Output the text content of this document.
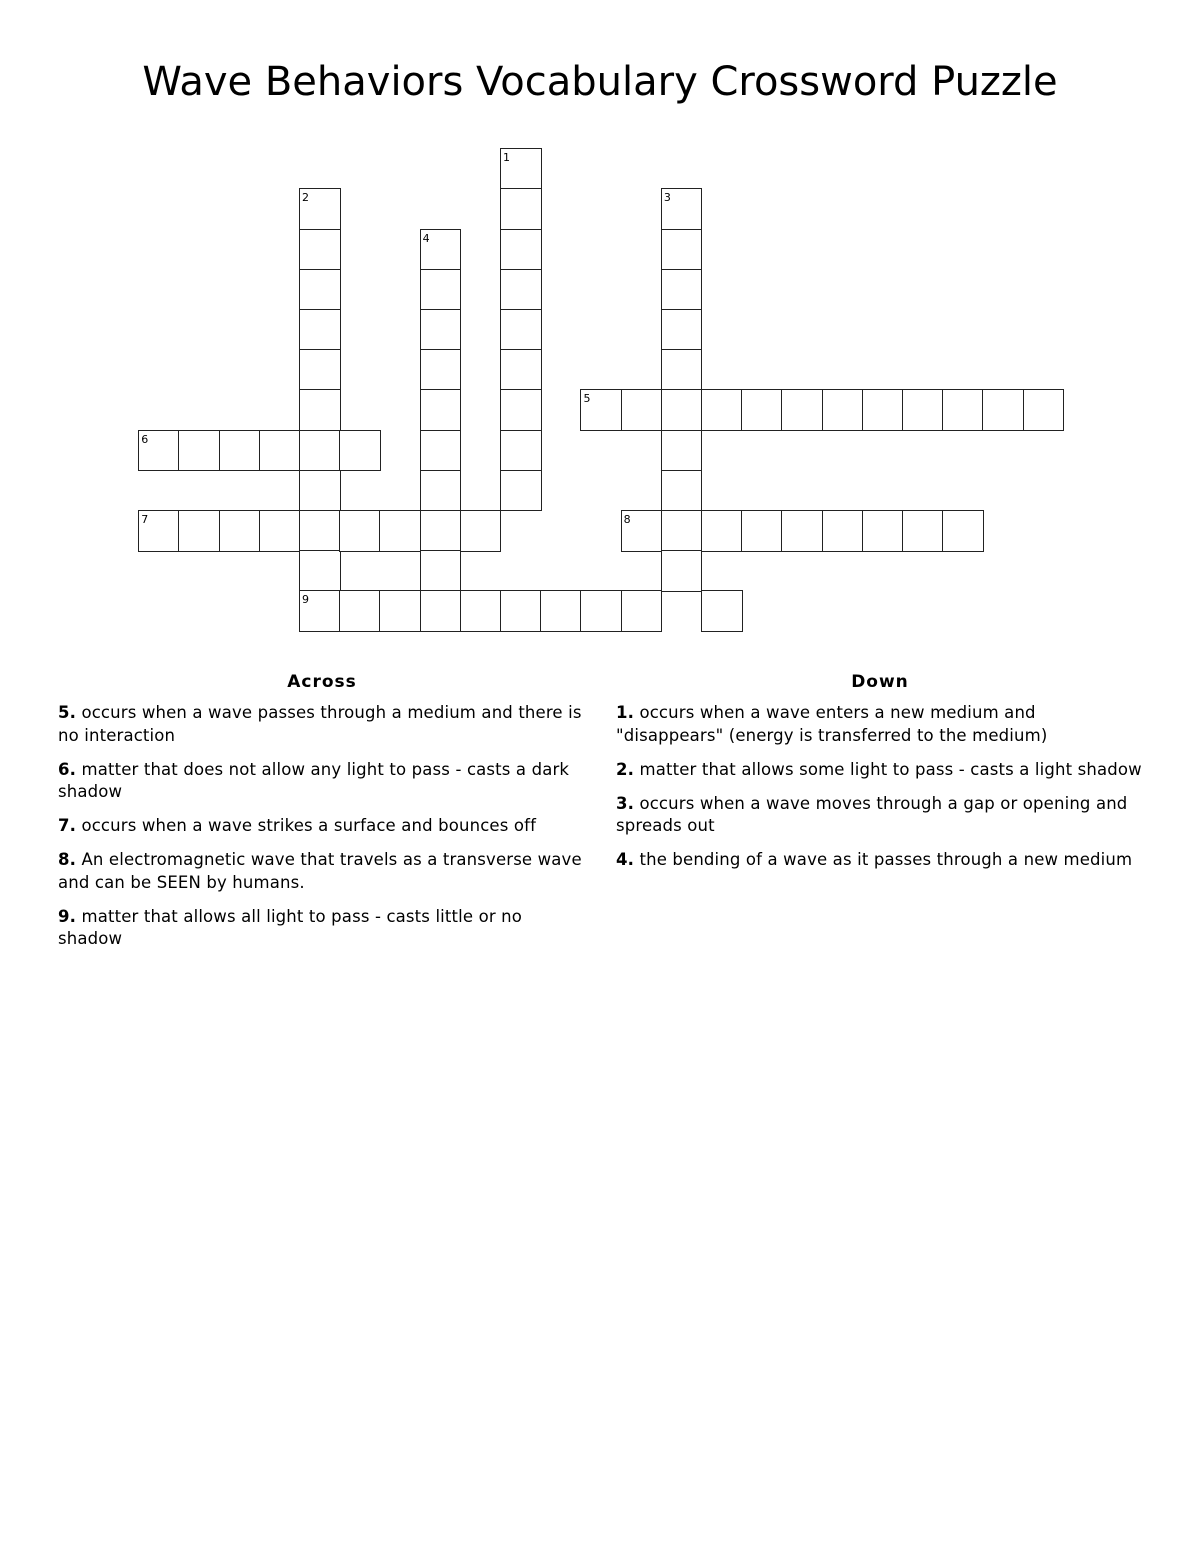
Wave Behaviors Vocabulary Crossword Puzzle
1
2
9
3
4
5
6
7	8
Across
5. occurs when a wave passes through a medium and there is no interaction
6. matter that does not allow any light to pass - casts a dark shadow
7. occurs when a wave strikes a surface and bounces off
8. An electromagnetic wave that travels as a transverse wave and can be SEEN by humans.
9. matter that allows all light to pass - casts little or no shadow
Down
1. occurs when a wave enters a new medium and "disappears" (energy is transferred to the medium)
2. matter that allows some light to pass - casts a light shadow
3. occurs when a wave moves through a gap or opening and spreads out
4. the bending of a wave as it passes through a new medium
